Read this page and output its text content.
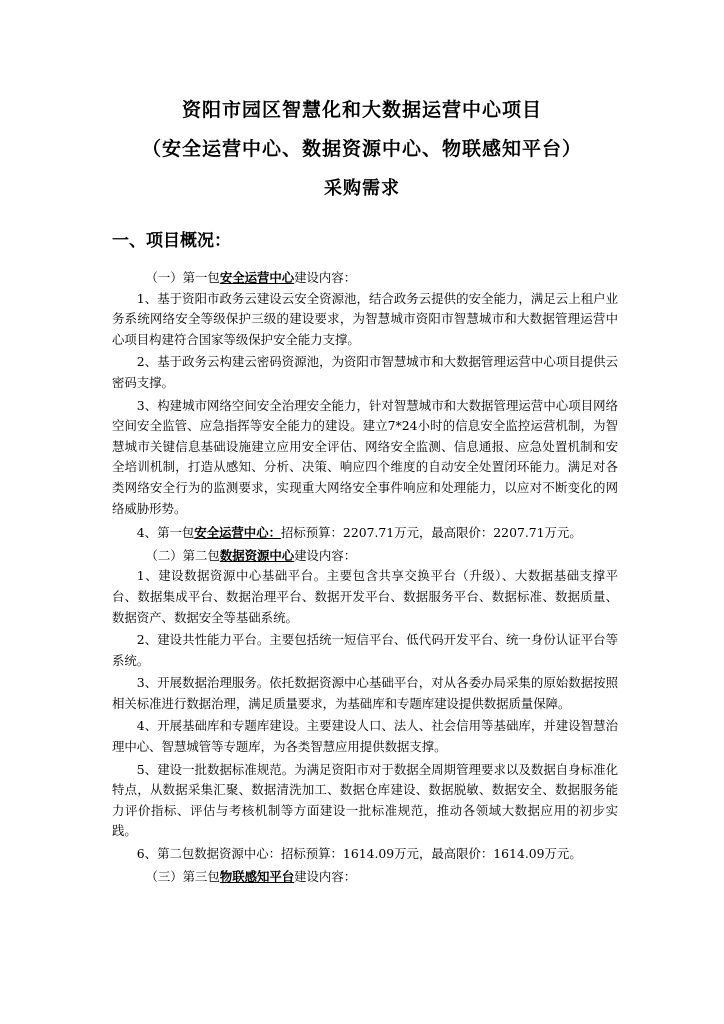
资阳市园区智慧化和大数据运营中心项目
（安全运营中心、数据资源中心、物联感知平台）
采购需求
一、项目概况：

（一）第一包安全运营中心建设内容：

1、基于资阳市政务云建设云安全资源池，结合政务云提供的安全能力，满足云上租户业务系统网络安全等级保护三级的建设要求，为智慧城市资阳市智慧城市和大数据管理运营中心项目构建符合国家等级保护安全能力支撑。

2、基于政务云构建云密码资源池，为资阳市智慧城市和大数据管理运营中心项目提供云密码支撑。

3、构建城市网络空间安全治理安全能力，针对智慧城市和大数据管理运营中心项目网络空间安全监管、应急指挥等安全能力的建设。建立7*24小时的信息安全监控运营机制，为智慧城市关键信息基础设施建立应用安全评估、网络安全监测、信息通报、应急处置机制和安全培训机制，打造从感知、分析、决策、响应四个维度的自动安全处置闭环能力。满足对各类网络安全行为的监测要求，实现重大网络安全事件响应和处理能力，以应对不断变化的网络威胁形势。

4、第一包安全运营中心：招标预算：2207.71万元，最高限价：2207.71万元。

（二）第二包数据资源中心建设内容：

1、建设数据资源中心基础平台。主要包含共享交换平台（升级）、大数据基础支撑平台、数据集成平台、数据治理平台、数据开发平台、数据服务平台、数据标准、数据质量、数据资产、数据安全等基础系统。

2、建设共性能力平台。主要包括统一短信平台、低代码开发平台、统一身份认证平台等系统。

3、开展数据治理服务。依托数据资源中心基础平台，对从各委办局采集的原始数据按照相关标准进行数据治理，满足质量要求，为基础库和专题库建设提供数据质量保障。

4、开展基础库和专题库建设。主要建设人口、法人、社会信用等基础库，并建设智慧治理中心、智慧城管等专题库，为各类智慧应用提供数据支撑。

5、建设一批数据标准规范。为满足资阳市对于数据全周期管理要求以及数据自身标准化特点，从数据采集汇聚、数据清洗加工、数据仓库建设、数据脱敏、数据安全、数据服务能力评价指标、评估与考核机制等方面建设一批标准规范，推动各领域大数据应用的初步实践。

6、第二包数据资源中心：招标预算：1614.09万元，最高限价：1614.09万元。

（三）第三包物联感知平台建设内容：
